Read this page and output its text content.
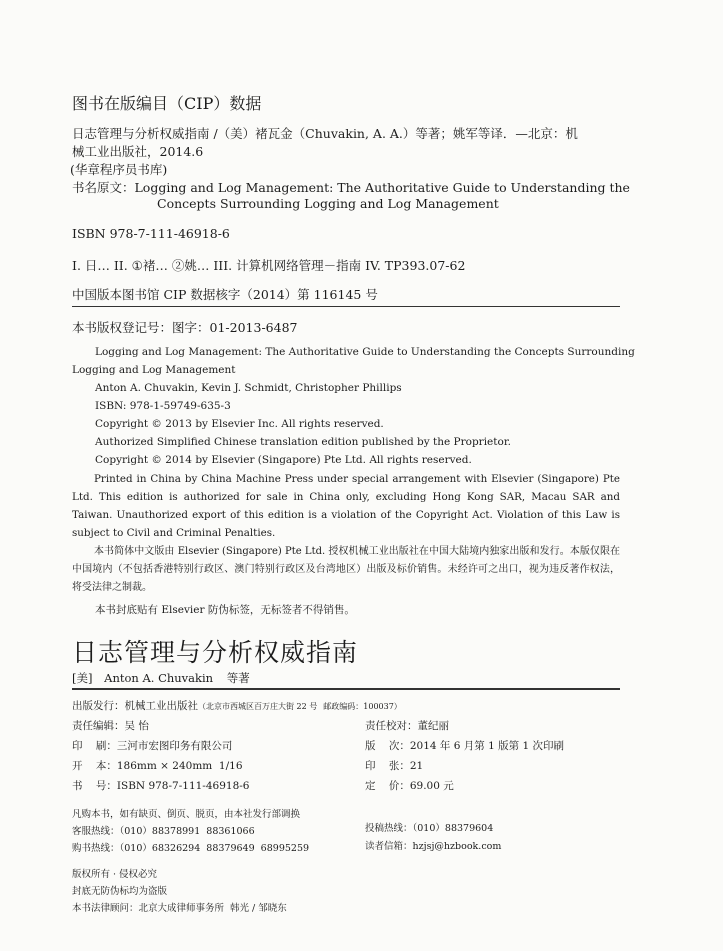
图书在版编目（CIP）数据
日志管理与分析权威指南 /（美）褚瓦金（Chuvakin, A. A.）等著；姚军等译．—北京：机
械工业出版社，2014.6
(华章程序员书库)
书名原文：Logging and Log Management: The Authoritative Guide to Understanding the
Concepts Surrounding Logging and Log Management
ISBN 978-7-111-46918-6
I. 日… II. ①褚… ②姚… III. 计算机网络管理－指南 IV. TP393.07-62
中国版本图书馆 CIP 数据核字（2014）第 116145 号
本书版权登记号：图字：01-2013-6487
Logging and Log Management: The Authoritative Guide to Understanding the Concepts Surrounding
Logging and Log Management
Anton A. Chuvakin, Kevin J. Schmidt, Christopher Phillips
ISBN: 978-1-59749-635-3
Copyright © 2013 by Elsevier Inc. All rights reserved.
Authorized Simplified Chinese translation edition published by the Proprietor.
Copyright © 2014 by Elsevier (Singapore) Pte Ltd. All rights reserved.
Printed in China by China Machine Press under special arrangement with Elsevier (Singapore) Pte Ltd. This edition is authorized for sale in China only, excluding Hong Kong SAR, Macau SAR and Taiwan. Unauthorized export of this edition is a violation of the Copyright Act. Violation of this Law is subject to Civil and Criminal Penalties.
本书简体中文版由 Elsevier (Singapore) Pte Ltd. 授权机械工业出版社在中国大陆境内独家出版和发行。本版仅限在中国境内（不包括香港特别行政区、澳门特别行政区及台湾地区）出版及标价销售。未经许可之出口，视为违反著作权法，将受法律之制裁。
本书封底贴有 Elsevier 防伪标签，无标签者不得销售。
日志管理与分析权威指南
[美] Anton A. Chuvakin 等著
出版发行：机械工业出版社（北京市西城区百万庄大街 22 号 邮政编码：100037）
责任编辑：吴 怡	责任校对：董纪丽
印    刷：三河市宏图印务有限公司	版    次：2014 年 6 月第 1 版第 1 次印刷
开    本：186mm × 240mm  1/16	印    张：21
书    号：ISBN 978-7-111-46918-6	定    价：69.00 元
凡购本书，如有缺页、倒页、脱页，由本社发行部调换
客服热线：（010）88378991  88361066	投稿热线：（010）88379604
购书热线：（010）68326294  88379649  68995259	读者信箱：hzjsj@hzbook.com
版权所有 · 侵权必究
封底无防伪标均为盗版
本书法律顾问：北京大成律师事务所  韩光 / 邹晓东
